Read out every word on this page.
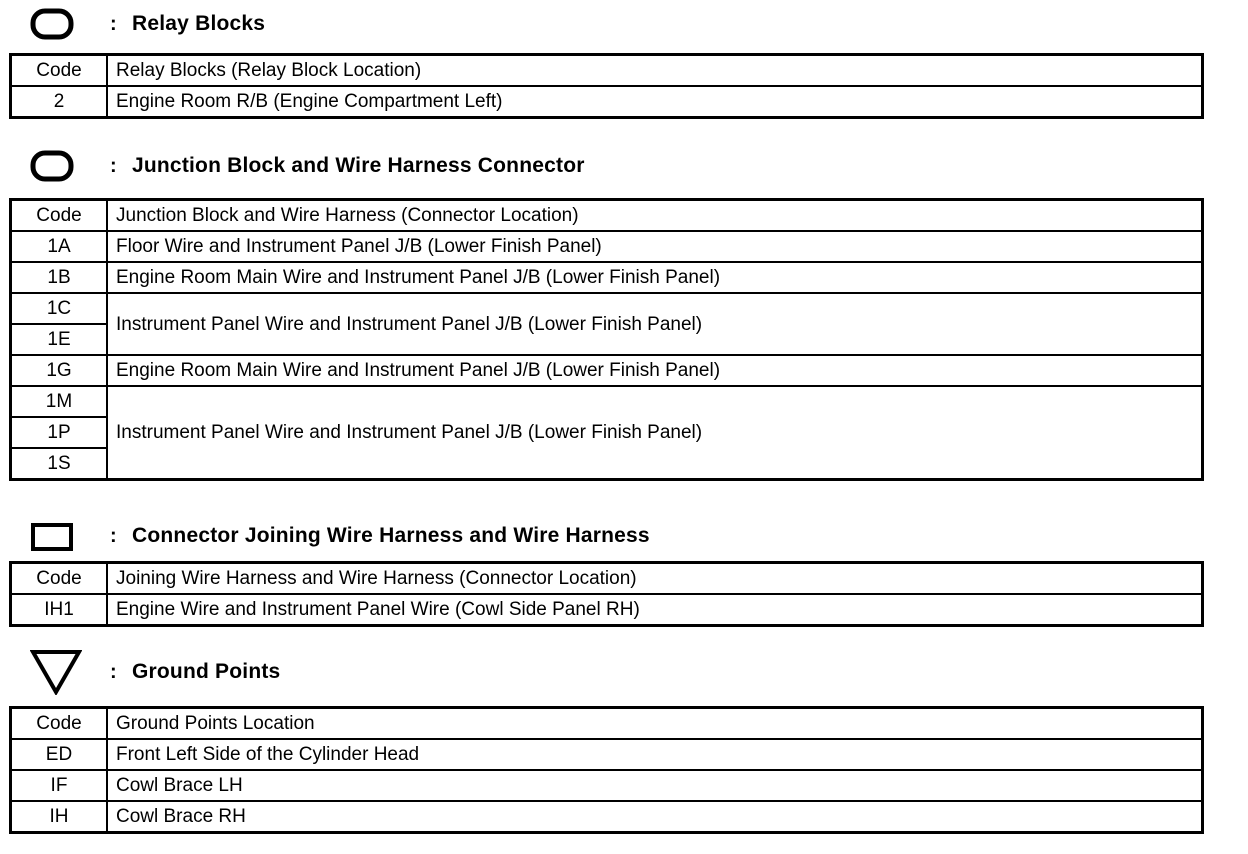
: Relay Blocks
Code	Relay Blocks (Relay Block Location)
2	Engine Room R/B (Engine Compartment Left)
: Junction Block and Wire Harness Connector
Code	Junction Block and Wire Harness (Connector Location)
1A	Floor Wire and Instrument Panel J/B (Lower Finish Panel)
1B	Engine Room Main Wire and Instrument Panel J/B (Lower Finish Panel)
1C	Instrument Panel Wire and Instrument Panel J/B (Lower Finish Panel)
1E	
1G	Engine Room Main Wire and Instrument Panel J/B (Lower Finish Panel)
1M	Instrument Panel Wire and Instrument Panel J/B (Lower Finish Panel)
1P	
1S	
: Connector Joining Wire Harness and Wire Harness
Code	Joining Wire Harness and Wire Harness (Connector Location)
IH1	Engine Wire and Instrument Panel Wire (Cowl Side Panel RH)
: Ground Points
Code	Ground Points Location
ED	Front Left Side of the Cylinder Head
IF	Cowl Brace LH
IH	Cowl Brace RH
